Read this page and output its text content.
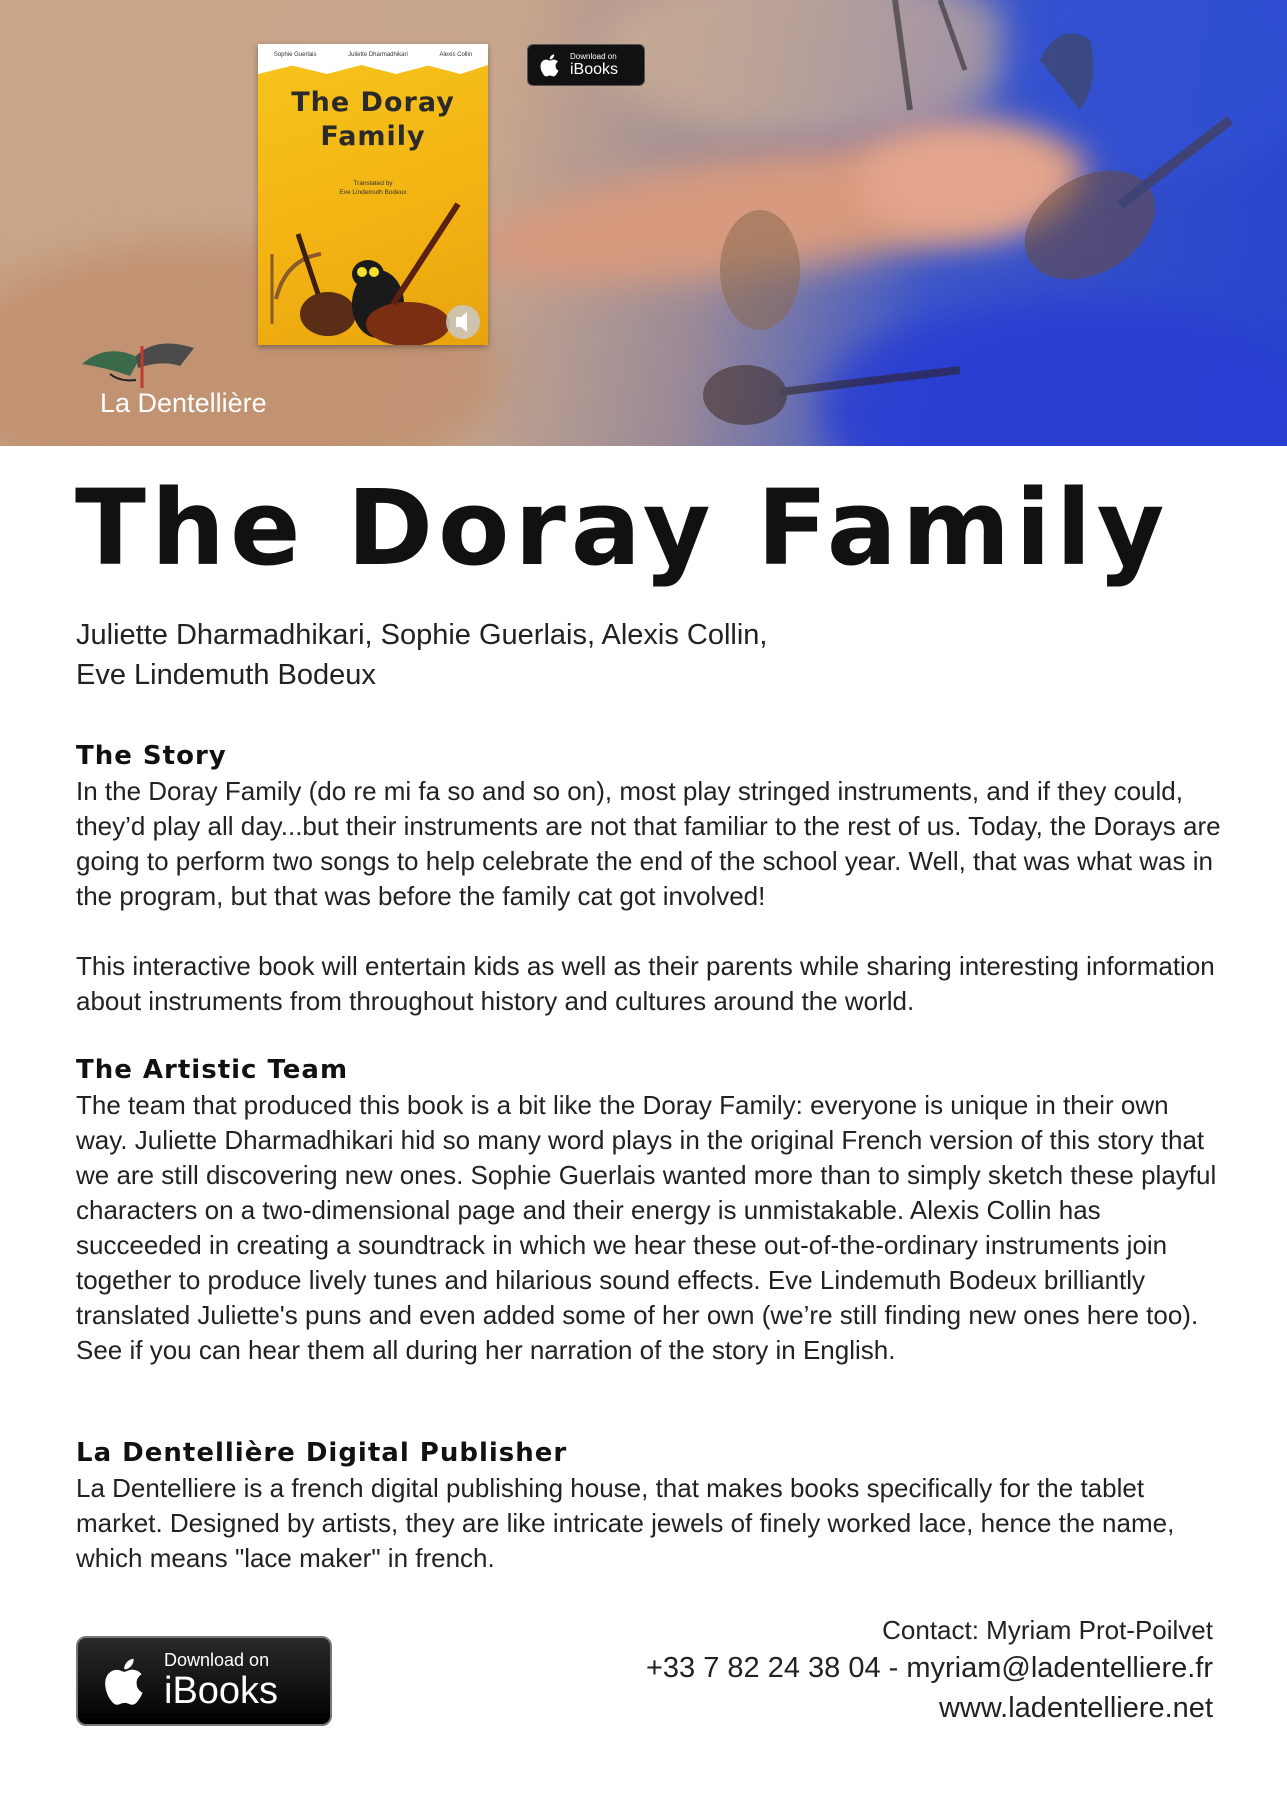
Sophie Guerlais	Juliette Dharmadhikari	Alexis Collin
The Doray
Family
Translated by
Eve Lindemuth Bodeux
Download on
iBooks
La Dentellière
The Doray Family
Juliette Dharmadhikari, Sophie Guerlais, Alexis Collin,
Eve Lindemuth Bodeux
The Story

In the Doray Family (do re mi fa so and so on), most play stringed instruments, and if they could, they’d play all day...but their instruments are not that familiar to the rest of us. Today, the Dorays are going to perform two songs to help celebrate the end of the school year. Well, that was what was in the program, but that was before the family cat got involved!

This interactive book will entertain kids as well as their parents while sharing interesting information about instruments from throughout history and cultures around the world.

The Artistic Team

The team that produced this book is a bit like the Doray Family: everyone is unique in their own way. Juliette Dharmadhikari hid so many word plays in the original French version of this story that we are still discovering new ones. Sophie Guerlais wanted more than to simply sketch these playful characters on a two-dimensional page and their energy is unmistakable. Alexis Collin has succeeded in creating a soundtrack in which we hear these out-of-the-ordinary instruments join together to produce lively tunes and hilarious sound effects. Eve Lindemuth Bodeux brilliantly translated Juliette's puns and even added some of her own (we’re still finding new ones here too). See if you can hear them all during her narration of the story in English.

La Dentellière Digital Publisher

La Dentelliere is a french digital publishing house, that makes books specifically for the tablet market. Designed by artists, they are like intricate jewels of finely worked lace, hence the name, which means "lace maker" in french.

Download on
iBooks
Contact: Myriam Prot-Poilvet
+33 7 82 24 38 04 - myriam@ladentelliere.fr
www.ladentelliere.net
